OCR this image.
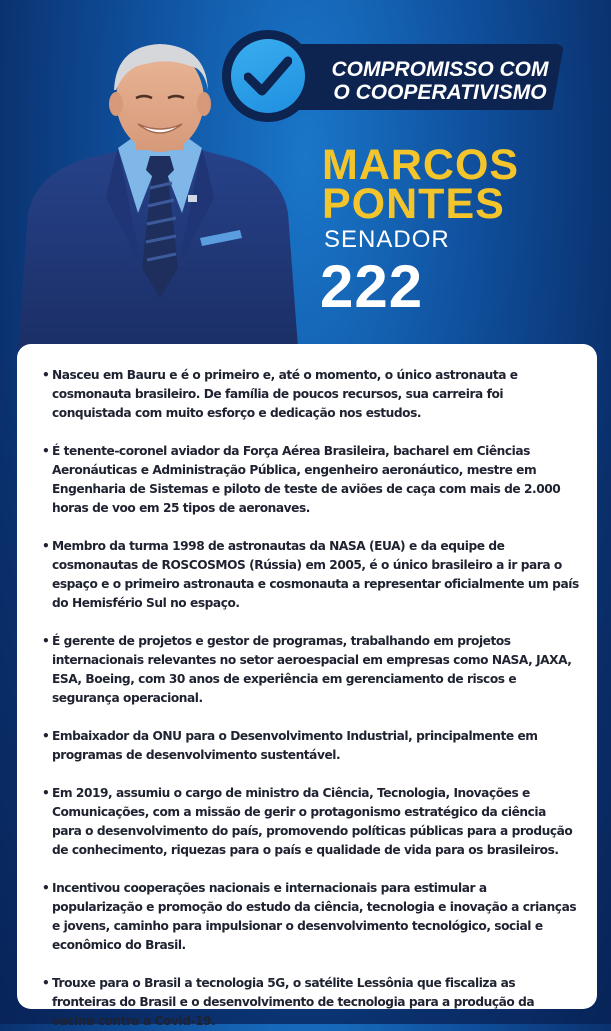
COMPROMISSO COM
O COOPERATIVISMO
MARCOS
PONTES
SENADOR
222
• Nasceu em Bauru e é o primeiro e, até o momento, o único astronauta e cosmonauta brasileiro. De família de poucos recursos, sua carreira foi conquistada com muito esforço e dedicação nos estudos.
• É tenente-coronel aviador da Força Aérea Brasileira, bacharel em Ciências Aeronáuticas e Administração Pública, engenheiro aeronáutico, mestre em Engenharia de Sistemas e piloto de teste de aviões de caça com mais de 2.000 horas de voo em 25 tipos de aeronaves.
• Membro da turma 1998 de astronautas da NASA (EUA) e da equipe de cosmonautas de ROSCOSMOS (Rússia) em 2005, é o único brasileiro a ir para o espaço e o primeiro astronauta e cosmonauta a representar oficialmente um país do Hemisfério Sul no espaço.
• É gerente de projetos e gestor de programas, trabalhando em projetos internacionais relevantes no setor aeroespacial em empresas como NASA, JAXA, ESA, Boeing, com 30 anos de experiência em gerenciamento de riscos e segurança operacional.
• Embaixador da ONU para o Desenvolvimento Industrial, principalmente em programas de desenvolvimento sustentável.
• Em 2019, assumiu o cargo de ministro da Ciência, Tecnologia, Inovações e Comunicações, com a missão de gerir o protagonismo estratégico da ciência para o desenvolvimento do país, promovendo políticas públicas para a produção de conhecimento, riquezas para o país e qualidade de vida para os brasileiros.
• Incentivou cooperações nacionais e internacionais para estimular a popularização e promoção do estudo da ciência, tecnologia e inovação a crianças e jovens, caminho para impulsionar o desenvolvimento tecnológico, social e econômico do Brasil.
• Trouxe para o Brasil a tecnologia 5G, o satélite Lessônia que fiscaliza as fronteiras do Brasil e o desenvolvimento de tecnologia para a produção da vacina contra a Covid-19.
